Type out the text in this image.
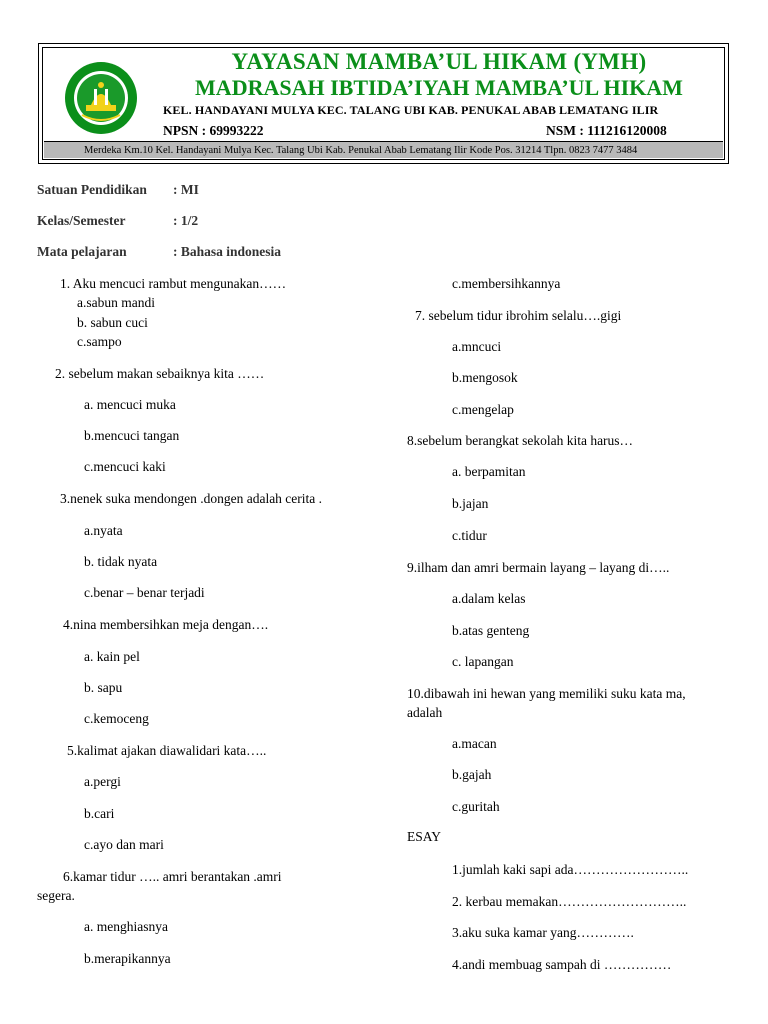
YAYASAN MAMBA’UL HIKAM (YMH)
MADRASAH IBTIDA’IYAH MAMBA’UL HIKAM
KEL. HANDAYANI MULYA KEC. TALANG UBI KAB. PENUKAL ABAB LEMATANG ILIR
NPSN : 69993222	NSM : 111216120008
Merdeka Km.10 Kel. Handayani Mulya Kec. Talang Ubi Kab. Penukal Abab Lematang Ilir Kode Pos. 31214 Tlpn. 0823 7477 3484
Satuan Pendidikan : MI
Kelas/Semester	: 1/2
Mata pelajaran	: Bahasa indonesia
1. Aku mencuci rambut mengunakan……
a.sabun mandi
b. sabun cuci
c.sampo
2. sebelum makan sebaiknya kita ……
a. mencuci muka
b.mencuci tangan
c.mencuci kaki
3.nenek suka mendongen .dongen adalah cerita .
a.nyata
b. tidak nyata
c.benar – benar terjadi
4.nina membersihkan meja dengan….
a. kain pel
b. sapu
c.kemoceng
5.kalimat ajakan diawalidari kata…..
a.pergi
b.cari
c.ayo dan mari
6.kamar tidur ….. amri berantakan .amri
segera.
a. menghiasnya
b.merapikannya
c.membersihkannya
7. sebelum tidur ibrohim selalu….gigi
a.mncuci
b.mengosok
c.mengelap
8.sebelum berangkat sekolah kita harus…
a. berpamitan
b.jajan
c.tidur
9.ilham dan amri bermain layang – layang di…..
a.dalam kelas
b.atas genteng
c. lapangan
10.dibawah ini hewan yang memiliki suku kata ma,
adalah
a.macan
b.gajah
c.guritah
ESAY
1.jumlah kaki sapi ada……………………..
2. kerbau memakan………………………..
3.aku suka kamar yang………….
4.andi membuag sampah di ……………
